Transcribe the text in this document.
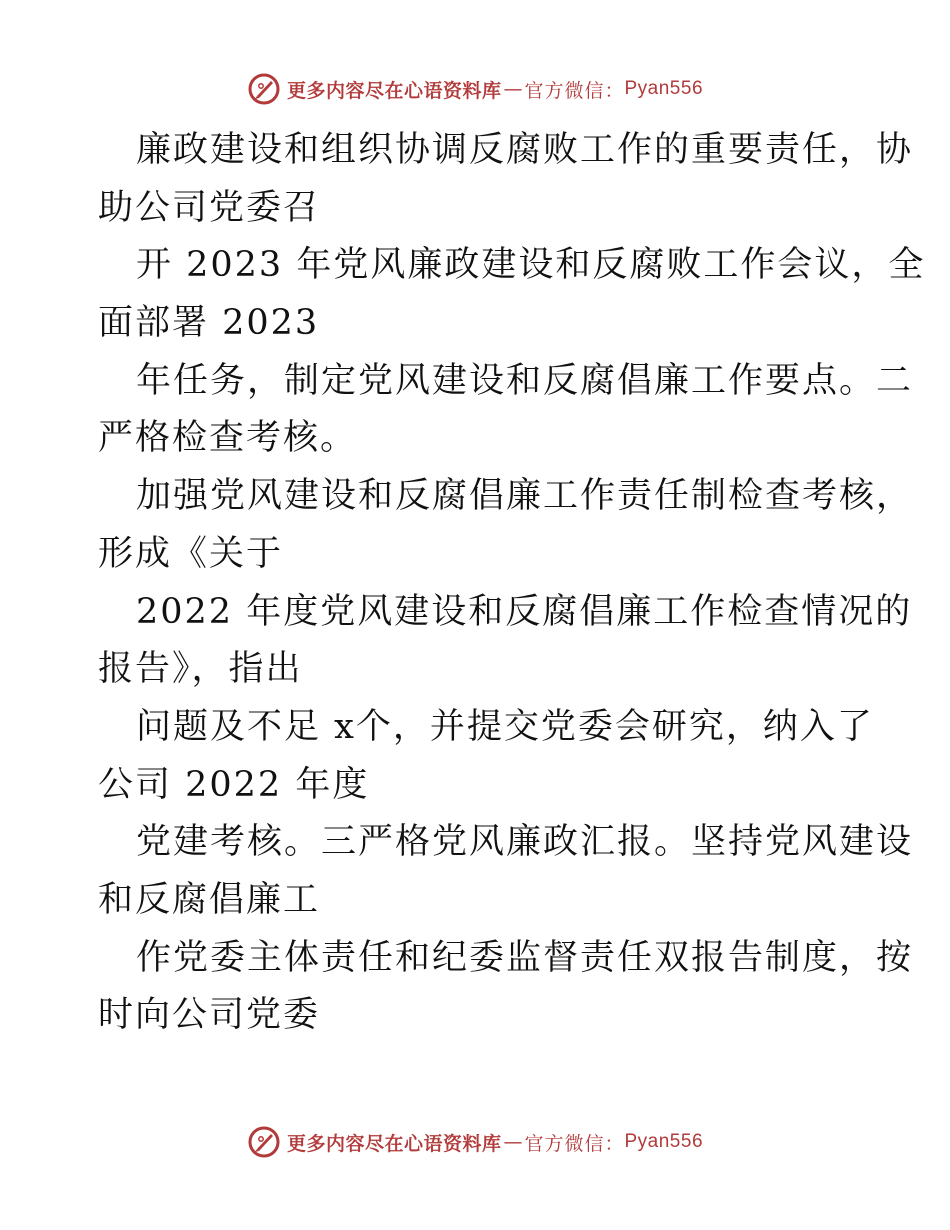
更多内容尽在心语资料库 — 官方微信： Pyan556
廉政建设和组织协调反腐败工作的重要责任，协
助公司党委召
开 2023 年党风廉政建设和反腐败工作会议，全
面部署 2023
年任务，制定党风建设和反腐倡廉工作要点。二
严格检查考核。
加强党风建设和反腐倡廉工作责任制检查考核，
形成《关于
2022 年度党风建设和反腐倡廉工作检查情况的
报告》，指出
问题及不足 x个，并提交党委会研究，纳入了
公司 2022 年度
党建考核。三严格党风廉政汇报。坚持党风建设
和反腐倡廉工
作党委主体责任和纪委监督责任双报告制度，按
时向公司党委
更多内容尽在心语资料库 — 官方微信： Pyan556
